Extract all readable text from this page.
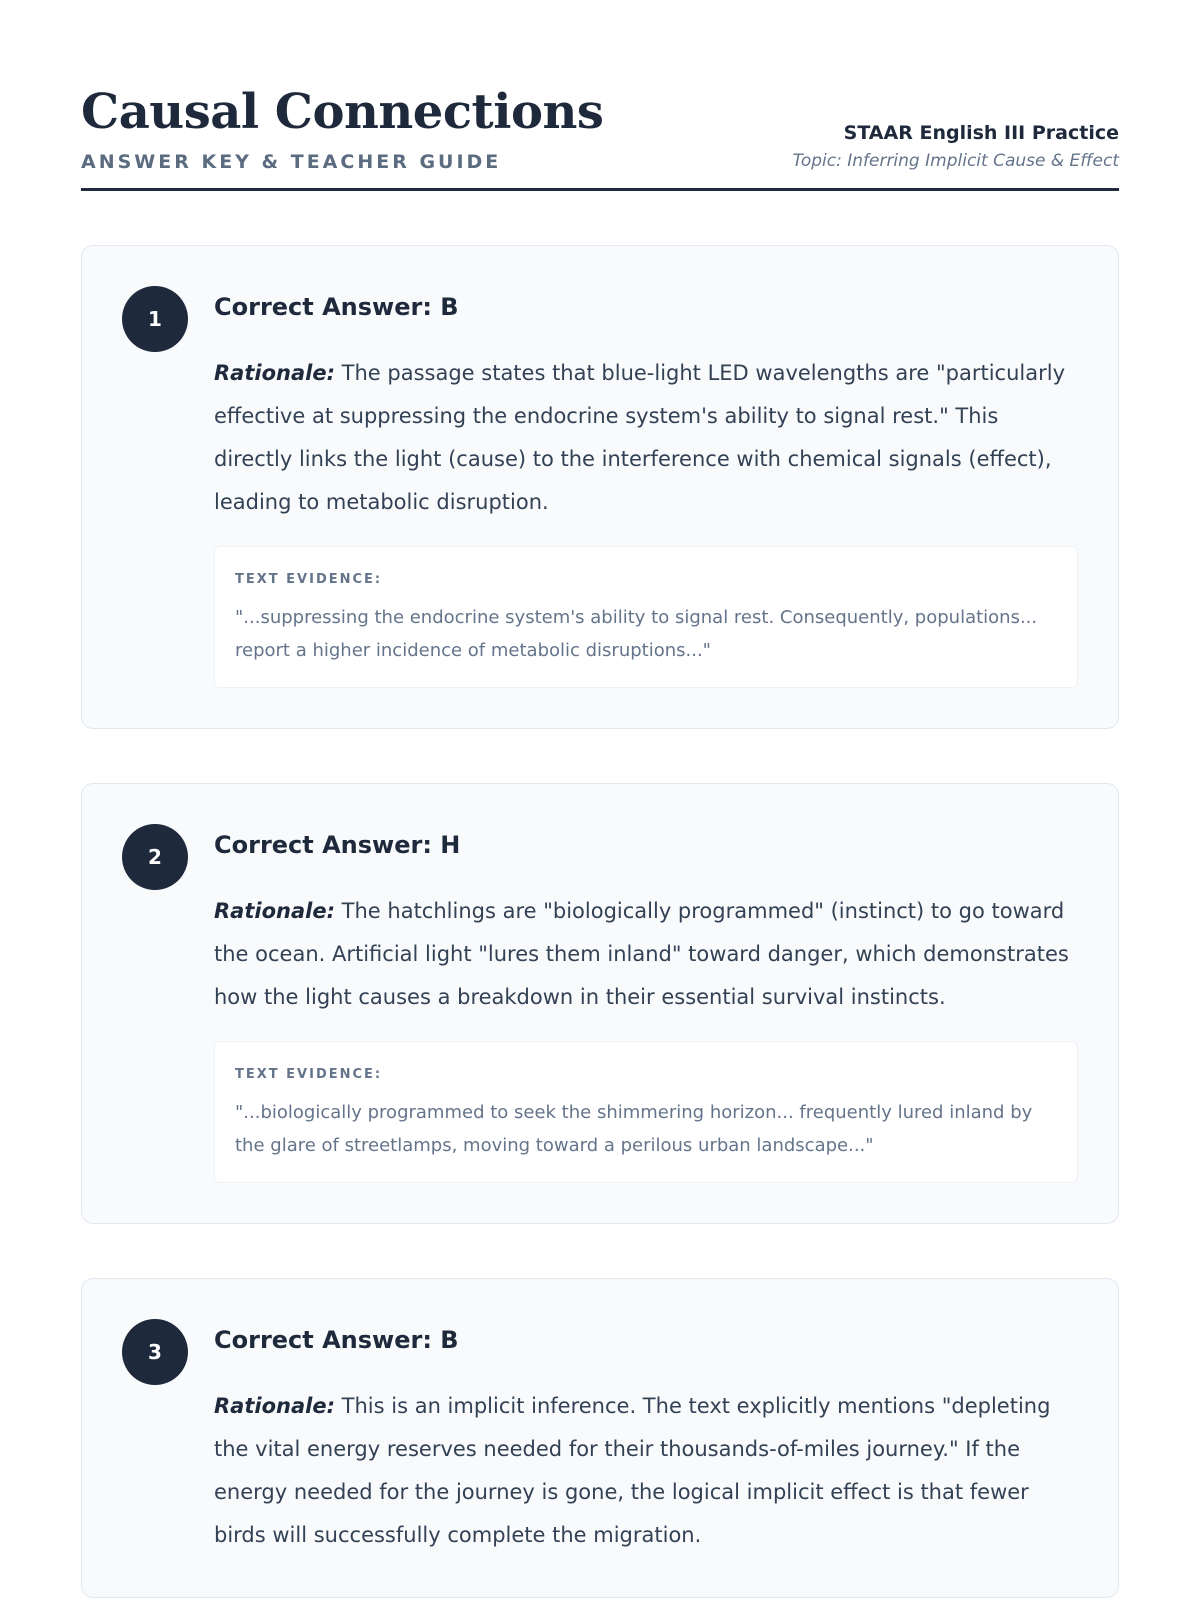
Causal Connections
ANSWER KEY & TEACHER GUIDE
STAAR English III Practice
Topic: Inferring Implicit Cause & Effect
1	Correct Answer: B

Rationale: The passage states that blue-light LED wavelengths are "particularly effective at suppressing the endocrine system's ability to signal rest." This directly links the light (cause) to the interference with chemical signals (effect), leading to metabolic disruption.

TEXT EVIDENCE:
"...suppressing the endocrine system's ability to signal rest. Consequently, populations... report a higher incidence of metabolic disruptions..."
2	Correct Answer: H

Rationale: The hatchlings are "biologically programmed" (instinct) to go toward the ocean. Artificial light "lures them inland" toward danger, which demonstrates how the light causes a breakdown in their essential survival instincts.

TEXT EVIDENCE:
"...biologically programmed to seek the shimmering horizon... frequently lured inland by the glare of streetlamps, moving toward a perilous urban landscape..."
3	Correct Answer: B

Rationale: This is an implicit inference. The text explicitly mentions "depleting the vital energy reserves needed for their thousands-of-miles journey." If the energy needed for the journey is gone, the logical implicit effect is that fewer birds will successfully complete the migration.
